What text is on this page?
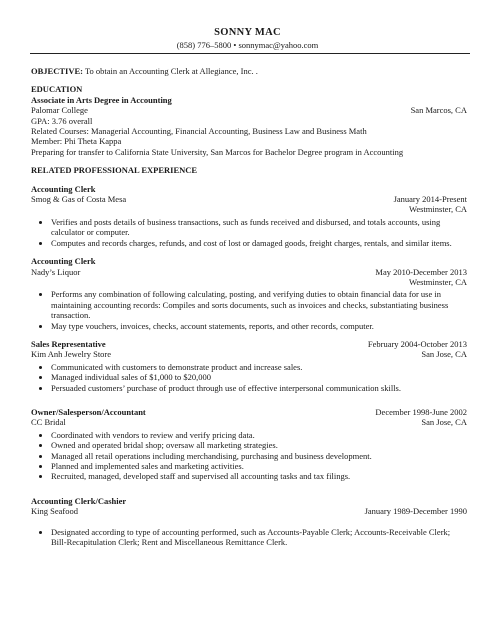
SONNY MAC
(858) 776–5800 • sonnymac@yahoo.com
OBJECTIVE: To obtain an Accounting Clerk at Allegiance, Inc. .
EDUCATION
Associate in Arts Degree in Accounting
Palomar College	San Marcos, CA
GPA: 3.76 overall
Related Courses: Managerial Accounting, Financial Accounting, Business Law and Business Math
Member: Phi Theta Kappa
Preparing for transfer to California State University, San Marcos for Bachelor Degree program in Accounting
RELATED PROFESSIONAL EXPERIENCE
Accounting Clerk
Smog & Gas of Costa Mesa	January 2014-Present
Westminster, CA
• Verifies and posts details of business transactions, such as funds received and disbursed, and totals accounts, using calculator or computer.
• Computes and records charges, refunds, and cost of lost or damaged goods, freight charges, rentals, and similar items.
Accounting Clerk
Nady’s Liquor	May 2010-December 2013
Westminster, CA
• Performs any combination of following calculating, posting, and verifying duties to obtain financial data for use in maintaining accounting records: Compiles and sorts documents, such as invoices and checks, substantiating business transaction.
• May type vouchers, invoices, checks, account statements, reports, and other records, computer.
Sales Representative	February 2004-October 2013
Kim Anh Jewelry Store	San Jose, CA
• Communicated with customers to demonstrate product and increase sales.
• Managed individual sales of $1,000 to $20,000
• Persuaded customers’ purchase of product through use of effective interpersonal communication skills.
Owner/Salesperson/Accountant	December 1998-June 2002
CC Bridal	San Jose, CA
• Coordinated with vendors to review and verify pricing data.
• Owned and operated bridal shop; oversaw all marketing strategies.
• Managed all retail operations including merchandising, purchasing and business development.
• Planned and implemented sales and marketing activities.
• Recruited, managed, developed staff and supervised all accounting tasks and tax filings.
Accounting Clerk/Cashier
King Seafood	January 1989-December 1990
• Designated according to type of accounting performed, such as Accounts-Payable Clerk; Accounts-Receivable Clerk; Bill-Recapitulation Clerk; Rent and Miscellaneous Remittance Clerk.
